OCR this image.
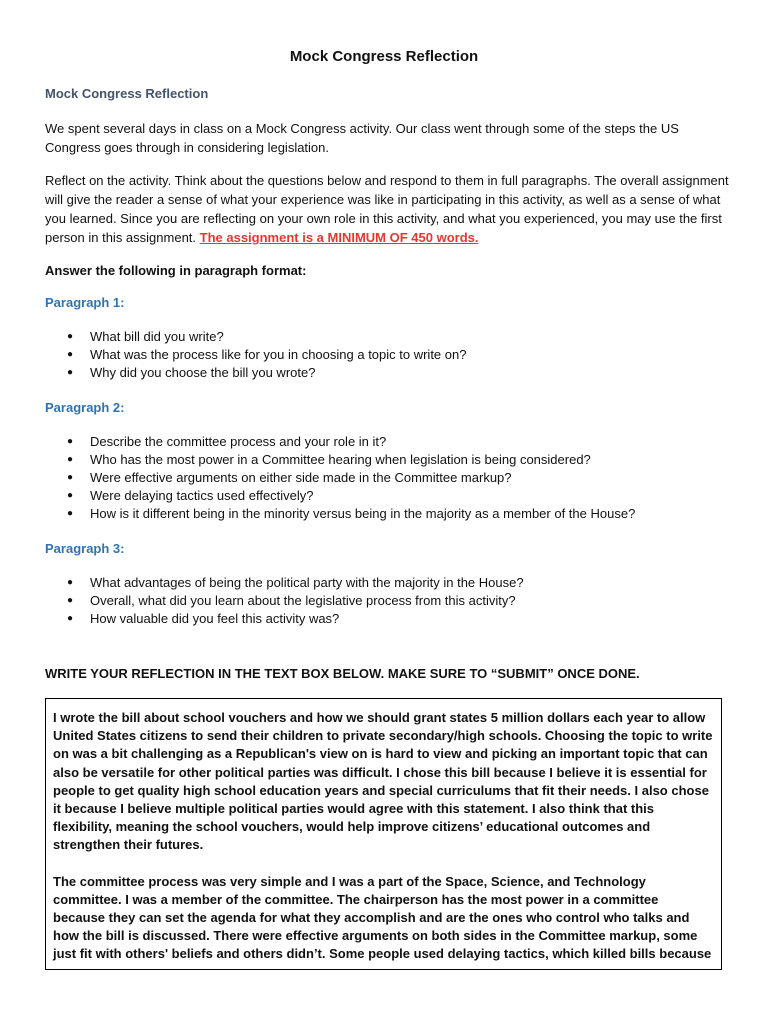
Mock Congress Reflection
Mock Congress Reflection

We spent several days in class on a Mock Congress activity. Our class went through some of the steps the US Congress goes through in considering legislation.

Reflect on the activity. Think about the questions below and respond to them in full paragraphs. The overall assignment will give the reader a sense of what your experience was like in participating in this activity, as well as a sense of what you learned. Since you are reflecting on your own role in this activity, and what you experienced, you may use the first person in this assignment. The assignment is a MINIMUM OF 450 words.

Answer the following in paragraph format:
Paragraph 1:
● What bill did you write?
● What was the process like for you in choosing a topic to write on?
● Why did you choose the bill you wrote?
Paragraph 2:
● Describe the committee process and your role in it?
● Who has the most power in a Committee hearing when legislation is being considered?
● Were effective arguments on either side made in the Committee markup?
● Were delaying tactics used effectively?
● How is it different being in the minority versus being in the majority as a member of the House?
Paragraph 3:
● What advantages of being the political party with the majority in the House?
● Overall, what did you learn about the legislative process from this activity?
● How valuable did you feel this activity was?
WRITE YOUR REFLECTION IN THE TEXT BOX BELOW. MAKE SURE TO “SUBMIT” ONCE DONE.

I wrote the bill about school vouchers and how we should grant states 5 million dollars each year to allow United States citizens to send their children to private secondary/high schools. Choosing the topic to write on was a bit challenging as a Republican's view on is hard to view and picking an important topic that can also be versatile for other political parties was difficult. I chose this bill because I believe it is essential for people to get quality high school education years and special curriculums that fit their needs. I also chose it because I believe multiple political parties would agree with this statement. I also think that this flexibility, meaning the school vouchers, would help improve citizens’ educational outcomes and strengthen their futures.

The committee process was very simple and I was a part of the Space, Science, and Technology committee. I was a member of the committee. The chairperson has the most power in a committee because they can set the agenda for what they accomplish and are the ones who control who talks and how the bill is discussed. There were effective arguments on both sides in the Committee markup, some just fit with others' beliefs and others didn’t. Some people used delaying tactics, which killed bills because
